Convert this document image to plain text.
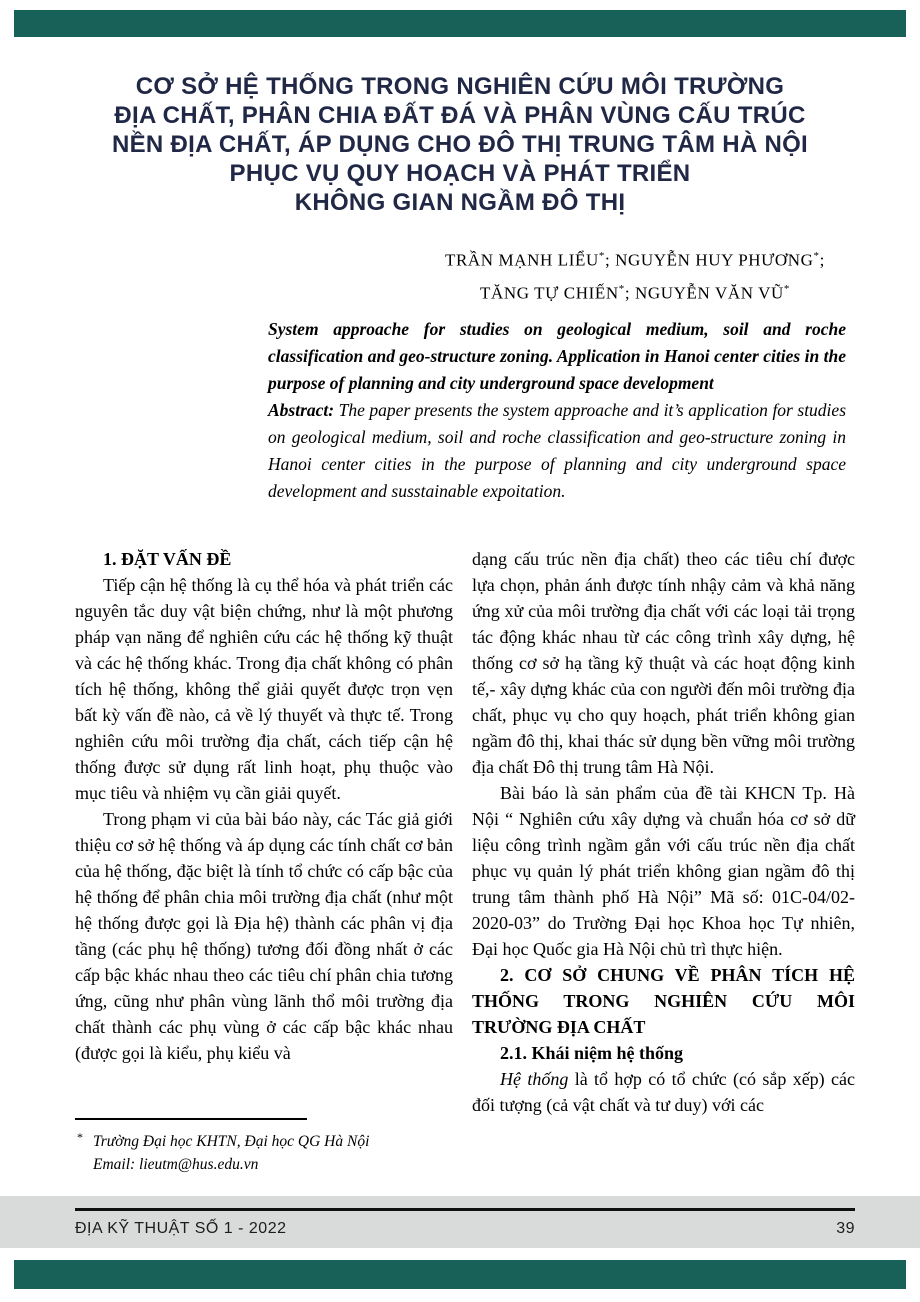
CƠ SỞ HỆ THỐNG TRONG NGHIÊN CỨU MÔI TRƯỜNG
ĐỊA CHẤT, PHÂN CHIA ĐẤT ĐÁ VÀ PHÂN VÙNG CẤU TRÚC
NỀN ĐỊA CHẤT, ÁP DỤNG CHO ĐÔ THỊ TRUNG TÂM HÀ NỘI
PHỤC VỤ QUY HOẠCH VÀ PHÁT TRIỂN
KHÔNG GIAN NGẦM ĐÔ THỊ
TRẦN MẠNH LIỂU*; NGUYỄN HUY PHƯƠNG*;
TĂNG TỰ CHIẾN*; NGUYỄN VĂN VŨ*

System approache for studies on geological medium, soil and roche classification and geo-structure zoning. Application in Hanoi center cities in the purpose of planning and city underground space development

Abstract: The paper presents the system approache and it’s application for studies on geological medium, soil and roche classification and geo-structure zoning in Hanoi center cities in the purpose of planning and city underground space development and susstainable expoitation.

1. ĐẶT VẤN ĐỀ

Tiếp cận hệ thống là cụ thể hóa và phát triển các nguyên tắc duy vật biện chứng, như là một phương pháp vạn năng để nghiên cứu các hệ thống kỹ thuật và các hệ thống khác. Trong địa chất không có phân tích hệ thống, không thể giải quyết được trọn vẹn bất kỳ vấn đề nào, cả về lý thuyết và thực tế. Trong nghiên cứu môi trường địa chất, cách tiếp cận hệ thống được sử dụng rất linh hoạt, phụ thuộc vào mục tiêu và nhiệm vụ cần giải quyết.

Trong phạm vi của bài báo này, các Tác giả giới thiệu cơ sở hệ thống và áp dụng các tính chất cơ bản của hệ thống, đặc biệt là tính tổ chức có cấp bậc của hệ thống để phân chia môi trường địa chất (như một hệ thống được gọi là Địa hệ) thành các phân vị địa tầng (các phụ hệ thống) tương đối đồng nhất ở các cấp bậc khác nhau theo các tiêu chí phân chia tương ứng, cũng như phân vùng lãnh thổ môi trường địa chất thành các phụ vùng ở các cấp bậc khác nhau (được gọi là kiểu, phụ kiểu và

dạng cấu trúc nền địa chất) theo các tiêu chí được lựa chọn, phản ánh được tính nhậy cảm và khả năng ứng xử của môi trường địa chất với các loại tải trọng tác động khác nhau từ các công trình xây dựng, hệ thống cơ sở hạ tầng kỹ thuật và các hoạt động kinh tế,- xây dựng khác của con người đến môi trường địa chất, phục vụ cho quy hoạch, phát triển không gian ngầm đô thị, khai thác sử dụng bền vững môi trường địa chất Đô thị trung tâm Hà Nội.

Bài báo là sản phẩm của đề tài KHCN Tp. Hà Nội “ Nghiên cứu xây dựng và chuẩn hóa cơ sở dữ liệu công trình ngầm gắn với cấu trúc nền địa chất phục vụ quản lý phát triển không gian ngầm đô thị trung tâm thành phố Hà Nội” Mã số: 01C-04/02-2020-03” do Trường Đại học Khoa học Tự nhiên, Đại học Quốc gia Hà Nội chủ trì thực hiện.

2. CƠ SỞ CHUNG VỀ PHÂN TÍCH HỆ THỐNG TRONG NGHIÊN CỨU MÔI TRƯỜNG ĐỊA CHẤT

2.1. Khái niệm hệ thống

Hệ thống là tổ hợp có tổ chức (có sắp xếp) các đối tượng (cả vật chất và tư duy) với các

* Trường Đại học KHTN, Đại học QG Hà Nội
Email: lieutm@hus.edu.vn
ĐỊA KỸ THUẬT SỐ 1 - 2022	39
